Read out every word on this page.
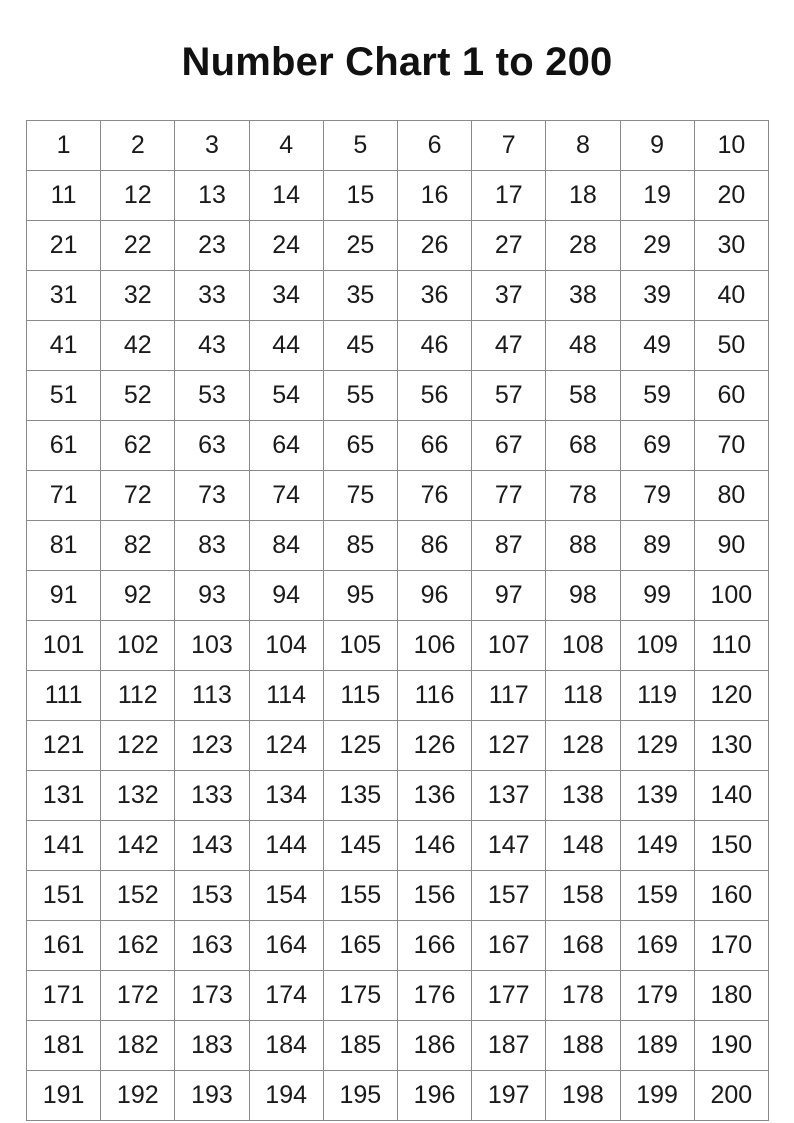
Number Chart 1 to 200
1	2	3	4	5	6	7	8	9	10
11	12	13	14	15	16	17	18	19	20
21	22	23	24	25	26	27	28	29	30
31	32	33	34	35	36	37	38	39	40
41	42	43	44	45	46	47	48	49	50
51	52	53	54	55	56	57	58	59	60
61	62	63	64	65	66	67	68	69	70
71	72	73	74	75	76	77	78	79	80
81	82	83	84	85	86	87	88	89	90
91	92	93	94	95	96	97	98	99	100
101	102	103	104	105	106	107	108	109	110
111	112	113	114	115	116	117	118	119	120
121	122	123	124	125	126	127	128	129	130
131	132	133	134	135	136	137	138	139	140
141	142	143	144	145	146	147	148	149	150
151	152	153	154	155	156	157	158	159	160
161	162	163	164	165	166	167	168	169	170
171	172	173	174	175	176	177	178	179	180
181	182	183	184	185	186	187	188	189	190
191	192	193	194	195	196	197	198	199	200
